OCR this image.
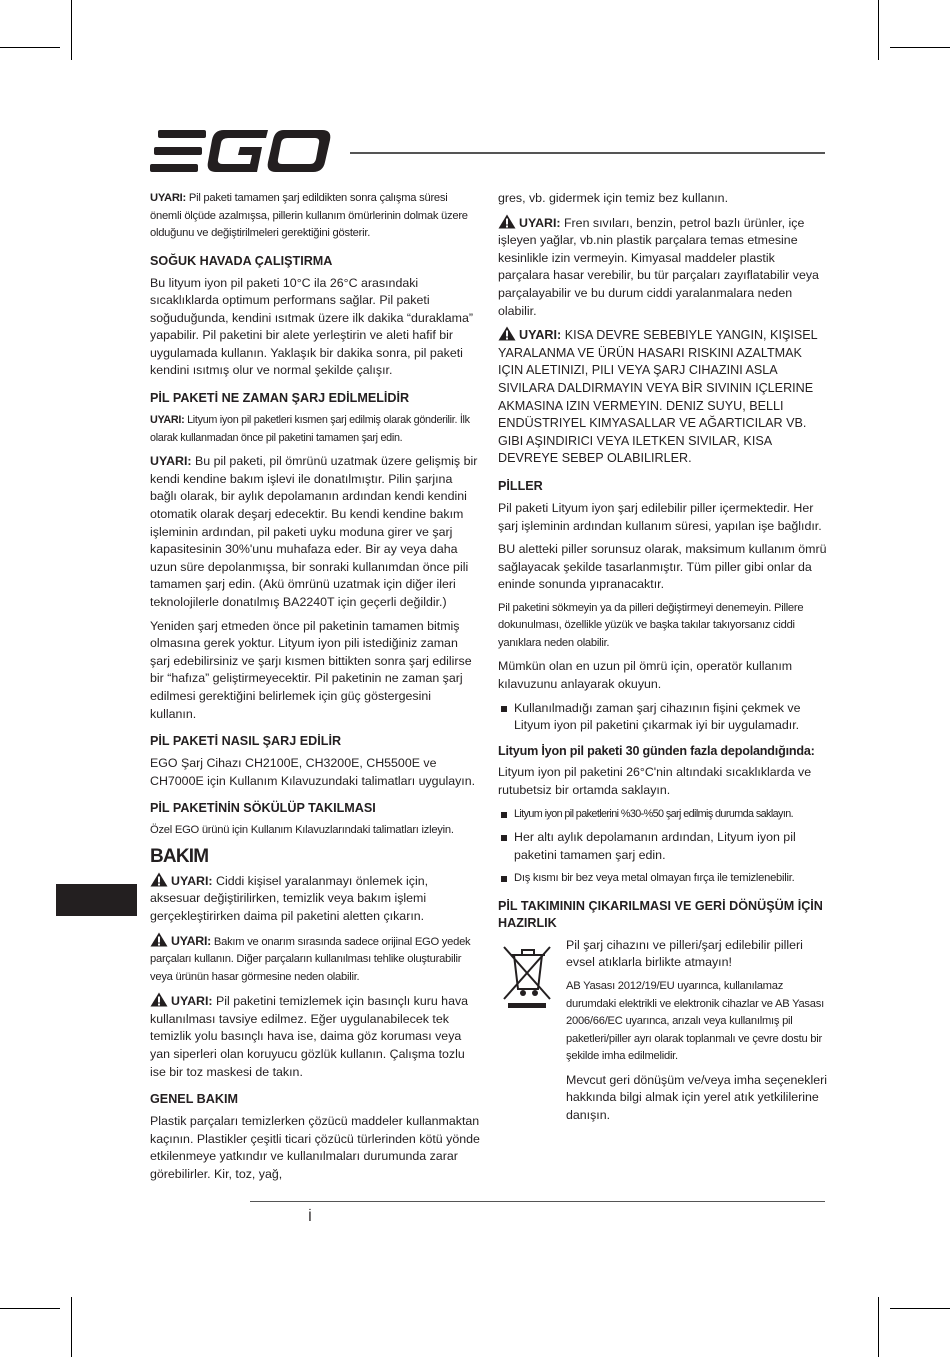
UYARI: Pil paketi tamamen şarj edildikten sonra çalışma süresi önemli ölçüde azalmışsa, pillerin kullanım ömürlerinin dolmak üzere olduğunu ve değiştirilmeleri gerektiğini gösterir.

SOĞUK HAVADA ÇALIŞTIRMA

Bu lityum iyon pil paketi 10°C ila 26°C arasındaki sıcaklıklarda optimum performans sağlar. Pil paketi soğuduğunda, kendini ısıtmak üzere ilk dakika “duraklama” yapabilir. Pil paketini bir alete yerleştirin ve aleti hafif bir uygulamada kullanın. Yaklaşık bir dakika sonra, pil paketi kendini ısıtmış olur ve normal şekilde çalışır.

PİL PAKETİ NE ZAMAN ŞARJ EDİLMELİDİR

UYARI: Lityum iyon pil paketleri kısmen şarj edilmiş olarak gönderilir. İlk olarak kullanmadan önce pil paketini tamamen şarj edin.

UYARI: Bu pil paketi, pil ömrünü uzatmak üzere gelişmiş bir kendi kendine bakım işlevi ile donatılmıştır. Pilin şarjına bağlı olarak, bir aylık depolamanın ardından kendi kendini otomatik olarak deşarj edecektir. Bu kendi kendine bakım işleminin ardından, pil paketi uyku moduna girer ve şarj kapasitesinin 30%'unu muhafaza eder. Bir ay veya daha uzun süre depolanmışsa, bir sonraki kullanımdan önce pili tamamen şarj edin. (Akü ömrünü uzatmak için diğer ileri teknolojilerle donatılmış BA2240T için geçerli değildir.)

Yeniden şarj etmeden önce pil paketinin tamamen bitmiş olmasına gerek yoktur. Lityum iyon pili istediğiniz zaman şarj edebilirsiniz ve şarjı kısmen bittikten sonra şarj edilirse bir “hafıza” geliştirmeyecektir. Pil paketinin ne zaman şarj edilmesi gerektiğini belirlemek için güç göstergesini kullanın.

PİL PAKETİ NASIL ŞARJ EDİLİR

EGO Şarj Cihazı CH2100E, CH3200E, CH5500E ve CH7000E için Kullanım Kılavuzundaki talimatları uygulayın.

PİL PAKETİNİN SÖKÜLÜP TAKILMASI

Özel EGO ürünü için Kullanım Kılavuzlarındaki talimatları izleyin.

BAKIM

UYARI: Ciddi kişisel yaralanmayı önlemek için, aksesuar değiştirilirken, temizlik veya bakım işlemi gerçekleştirirken daima pil paketini aletten çıkarın.

UYARI: Bakım ve onarım sırasında sadece orijinal EGO yedek parçaları kullanın. Diğer parçaların kullanılması tehlike oluşturabilir veya ürünün hasar görmesine neden olabilir.

UYARI: Pil paketini temizlemek için basınçlı kuru hava kullanılması tavsiye edilmez. Eğer uygulanabilecek tek temizlik yolu basınçlı hava ise, daima göz koruması veya yan siperleri olan koruyucu gözlük kullanın. Çalışma tozlu ise bir toz maskesi de takın.

GENEL BAKIM

Plastik parçaları temizlerken çözücü maddeler kullanmaktan kaçının. Plastikler çeşitli ticari çözücü türlerinden kötü yönde etkilenmeye yatkındır ve kullanılmaları durumunda zarar görebilirler. Kir, toz, yağ,

gres, vb. gidermek için temiz bez kullanın.

UYARI: Fren sıvıları, benzin, petrol bazlı ürünler, içe işleyen yağlar, vb.nin plastik parçalara temas etmesine kesinlikle izin vermeyin. Kimyasal maddeler plastik parçalara hasar verebilir, bu tür parçaları zayıflatabilir veya parçalayabilir ve bu durum ciddi yaralanmalara neden olabilir.

UYARI: KISA DEVRE SEBEBIYLE YANGIN, KIŞISEL YARALANMA VE ÜRÜN HASARI RISKINI AZALTMAK IÇIN ALETINIZI, PILI VEYA ŞARJ CIHAZINI ASLA SIVILARA DALDIRMAYIN VEYA BİR SIVININ IÇLERINE AKMASINA IZIN VERMEYIN. DENIZ SUYU, BELLI ENDÜSTRIYEL KIMYASALLAR VE AĞARTICILAR VB. GIBI AŞINDIRICI VEYA ILETKEN SIVILAR, KISA DEVREYE SEBEP OLABILIRLER.

PİLLER

Pil paketi Lityum iyon şarj edilebilir piller içermektedir. Her şarj işleminin ardından kullanım süresi, yapılan işe bağlıdır.

BU aletteki piller sorunsuz olarak, maksimum kullanım ömrü sağlayacak şekilde tasarlanmıştır. Tüm piller gibi onlar da eninde sonunda yıpranacaktır.

Pil paketini sökmeyin ya da pilleri değiştirmeyi denemeyin. Pillere dokunulması, özellikle yüzük ve başka takılar takıyorsanız ciddi yanıklara neden olabilir.

Mümkün olan en uzun pil ömrü için, operatör kullanım kılavuzunu anlayarak okuyun.

Kullanılmadığı zaman şarj cihazının fişini çekmek ve Lityum iyon pil paketini çıkarmak iyi bir uygulamadır.
Lityum İyon pil paketi 30 günden fazla depolandığında:

Lityum iyon pil paketini 26°C'nin altındaki sıcaklıklarda ve rutubetsiz bir ortamda saklayın.

Lityum iyon pil paketlerini %30-%50 şarj edilmiş durumda saklayın.
Her altı aylık depolamanın ardından, Lityum iyon pil paketini tamamen şarj edin.
Dış kısmı bir bez veya metal olmayan fırça ile temizlenebilir.
PİL TAKIMININ ÇIKARILMASI VE GERİ DÖNÜŞÜM İÇİN HAZIRLIK

Pil şarj cihazını ve pilleri/şarj edilebilir pilleri evsel atıklarla birlikte atmayın!

AB Yasası 2012/19/EU uyarınca, kullanılamaz durumdaki elektrikli ve elektronik cihazlar ve AB Yasası 2006/66/EC uyarınca, arızalı veya kullanılmış pil paketleri/piller ayrı olarak toplanmalı ve çevre dostu bir şekilde imha edilmelidir.

Mevcut geri dönüşüm ve/veya imha seçenekleri hakkında bilgi almak için yerel atık yetkililerine danışın.

İ
